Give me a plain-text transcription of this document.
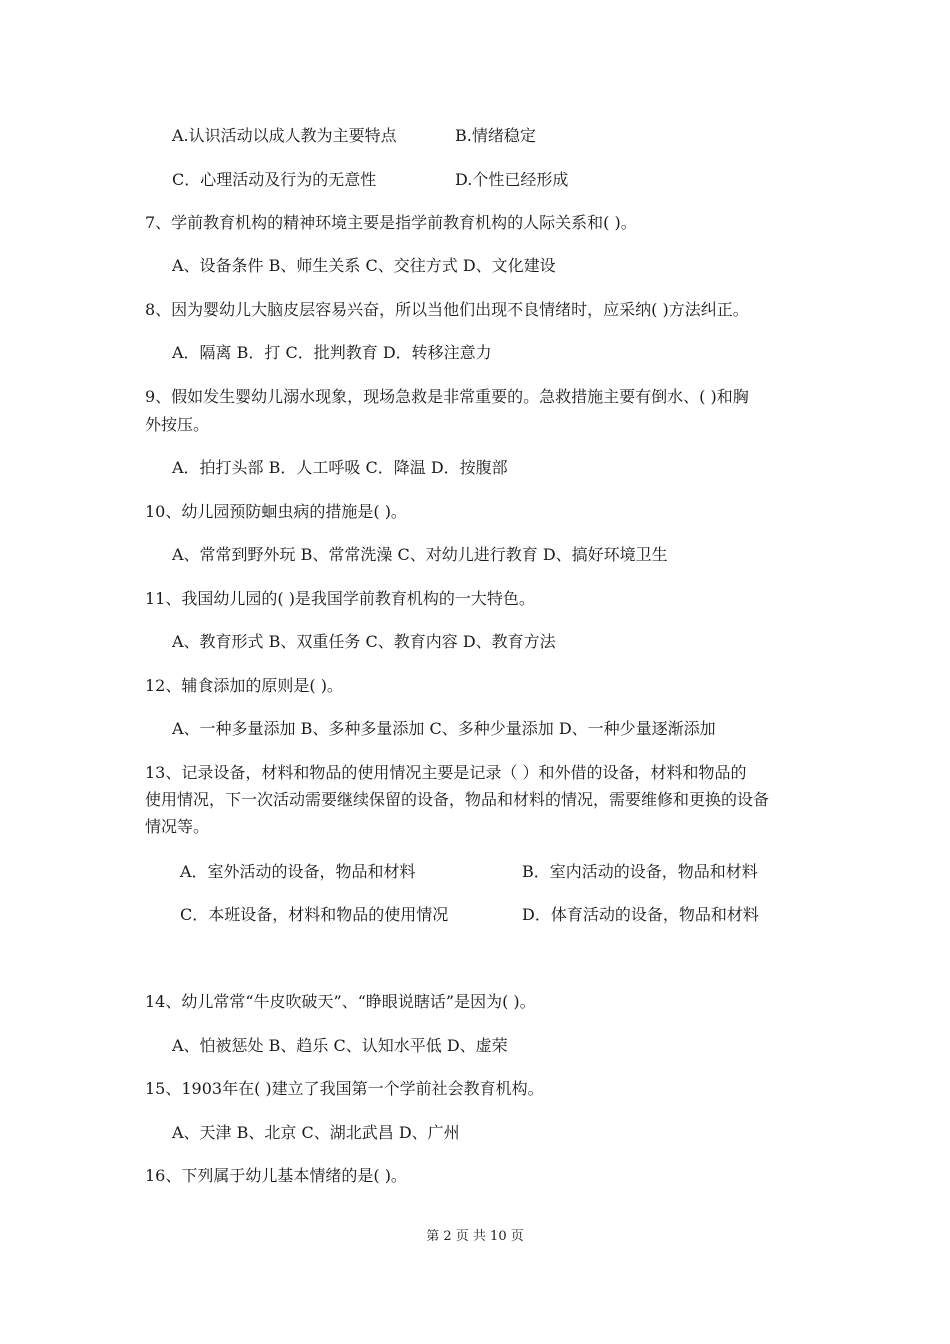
A.认识活动以成人教为主要特点	B.情绪稳定
C．心理活动及行为的无意性	D.个性已经形成
7、学前教育机构的精神环境主要是指学前教育机构的人际关系和( )。
A、设备条件 B、师生关系 C、交往方式 D、文化建设
8、因为婴幼儿大脑皮层容易兴奋，所以当他们出现不良情绪时，应采纳( )方法纠正。
A．隔离 B．打 C．批判教育 D．转移注意力
9、假如发生婴幼儿溺水现象，现场急救是非常重要的。急救措施主要有倒水、( )和胸
外按压。
A．拍打头部 B．人工呼吸 C．降温 D．按腹部
10、幼儿园预防蛔虫病的措施是( )。
A、常常到野外玩 B、常常洗澡 C、对幼儿进行教育 D、搞好环境卫生
11、我国幼儿园的( )是我国学前教育机构的一大特色。
A、教育形式 B、双重任务 C、教育内容 D、教育方法
12、辅食添加的原则是( )。
A、一种多量添加 B、多种多量添加 C、多种少量添加 D、一种少量逐渐添加
13、记录设备，材料和物品的使用情况主要是记录（ ）和外借的设备，材料和物品的
使用情况，下一次活动需要继续保留的设备，物品和材料的情况，需要维修和更换的设备
情况等。
A．室外活动的设备，物品和材料	B．室内活动的设备，物品和材料
C．本班设备，材料和物品的使用情况	D．体育活动的设备，物品和材料
14、幼儿常常“牛皮吹破天”、“睁眼说瞎话”是因为( )。
A、怕被惩处 B、趋乐 C、认知水平低 D、虚荣
15、1903年在( )建立了我国第一个学前社会教育机构。
A、天津 B、北京 C、湖北武昌 D、广州
16、下列属于幼儿基本情绪的是( )。
第 2 页 共 10 页
